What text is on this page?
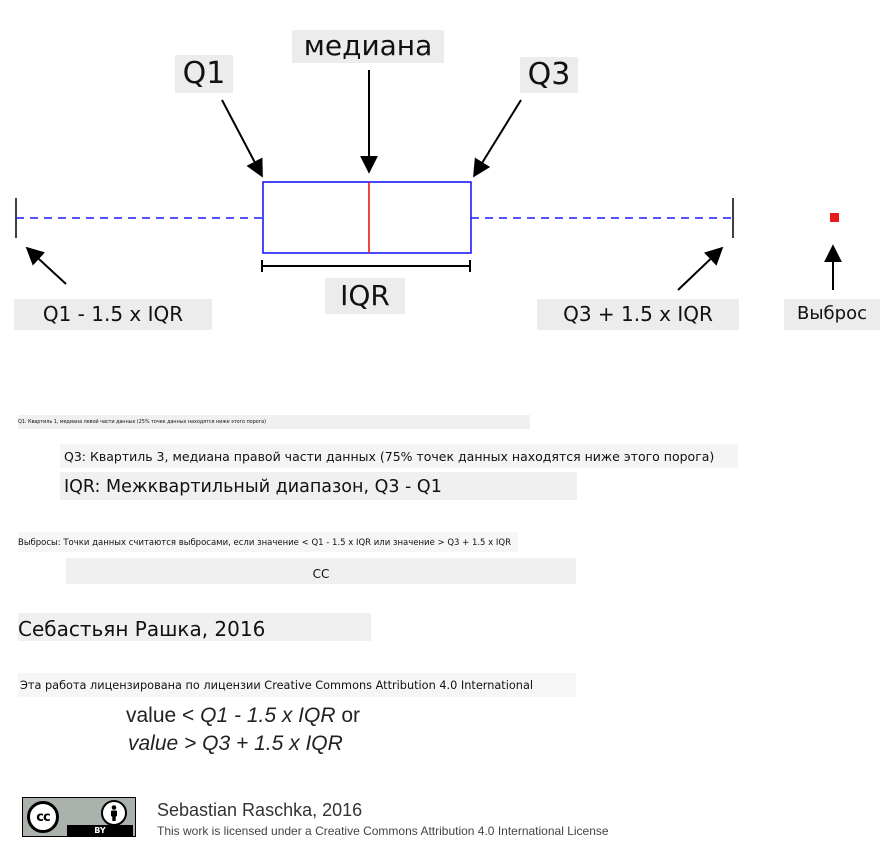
медиана
Q1	Q3
IQR
Q1 - 1.5 x IQR	Q3 + 1.5 x IQR	Выброс
Q1: Квартиль 1, медиана левой части данных (25% точек данных находятся ниже этого порога)
Q3: Квартиль 3, медиана правой части данных (75% точек данных находятся ниже этого порога)
IQR: Межквартильный диапазон, Q3 - Q1
Выбросы: Точки данных считаются выбросами, если значение < Q1 - 1.5 x IQR или значение > Q3 + 1.5 x IQR
cc
Себастьян Рашка, 2016
Эта работа лицензирована по лицензии Creative Commons Attribution 4.0 International
value < Q1 - 1.5 x IQR or
value > Q3 + 1.5 x IQR
cc
BY
Sebastian Raschka, 2016
This work is licensed under a Creative Commons Attribution 4.0 International License
